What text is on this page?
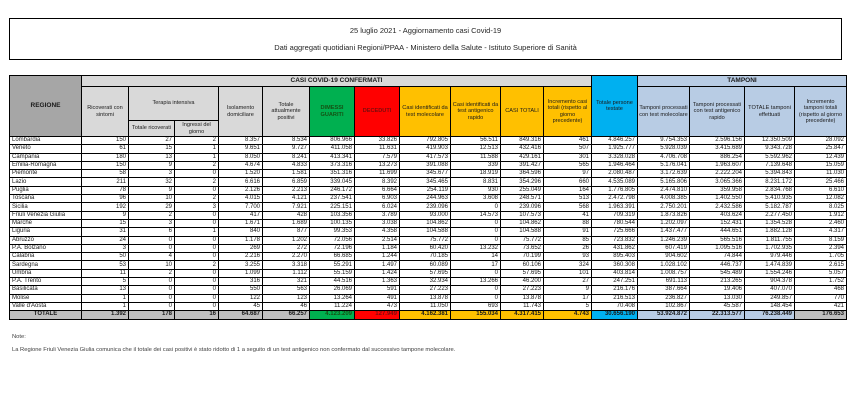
25 luglio 2021 - Aggiornamento casi Covid-19
Dati aggregati quotidiani Regioni/PPAA - Ministero della Salute - Istituto Superiore di Sanità
REGIONE	CASI COVID-19 CONFERMATI											Totale persone testate	TAMPONI			
	Ricoverati con sintomi	Terapia intensiva		Isolamento domiciliare	Totale attualmente positivi	DIMESSI GUARITI	DECEDUTI	Casi identificati da test molecolare	Casi identificati da test antigenico rapido	CASI TOTALI	Incremento casi totali (rispetto al giorno precedente)		Tamponi processati con test molecolare	Tamponi processati con test antigenico rapido	TOTALE tamponi effettuati	Incremento tamponi totali (rispetto al giorno precedente)
		Totale ricoverati	Ingressi del giorno													
Lombardia	150	27	2	8.357	8.534	806.966	33.826	792.805	56.511	849.316	461	4.846.257	9.754.353	2.596.156	12.350.509	28.092
Veneto	61	15	1	9.651	9.727	411.058	11.631	419.903	12.513	432.416	507	1.925.777	5.928.039	3.415.689	9.343.728	25.847
Campania	180	13	1	8.050	8.241	413.341	7.579	417.573	11.588	429.161	301	3.328.028	4.706.708	886.254	5.592.962	12.439
Emilia-Romagna	150	9	2	4.674	4.833	373.316	13.273	391.088	339	391.427	565	1.946.464	5.176.041	1.963.607	7.139.648	15.059
Piemonte	58	3	0	1.520	1.581	351.316	11.699	345.677	18.919	364.596	97	2.080.487	3.172.639	2.222.204	5.394.843	11.030
Lazio	211	32	2	6.616	6.859	339.045	8.392	345.465	8.831	354.296	660	4.535.089	5.165.806	3.065.366	8.231.172	25.466
Puglia	78	9	0	2.126	2.213	246.172	6.664	254.119	930	255.049	164	1.776.805	2.474.810	359.958	2.834.768	6.610
Toscana	96	10	2	4.015	4.121	237.541	6.903	244.963	3.608	248.571	513	2.472.798	4.008.385	1.402.550	5.410.935	12.082
Sicilia	192	29	3	7.700	7.921	225.151	6.024	239.096	0	239.096	568	1.963.391	2.750.201	2.432.586	5.182.787	8.025
Friuli Venezia Giulia	9	2	0	417	428	103.356	3.789	93.000	14.573	107.573	41	709.319	1.873.826	403.624	2.277.450	1.912
Marche	15	3	0	1.671	1.689	100.135	3.038	104.862	0	104.862	88	780.544	1.202.097	152.431	1.354.528	2.460
Liguria	31	6	1	840	877	99.353	4.358	104.588	0	104.588	91	725.666	1.437.477	444.651	1.882.128	4.317
Abruzzo	24	0	0	1.178	1.202	72.056	2.514	75.772	0	75.772	85	723.832	1.246.239	565.516	1.811.755	8.159
P.A. Bolzano	3	0	0	269	272	72.196	1.184	60.420	13.232	73.652	26	431.862	607.419	1.095.516	1.702.935	2.394
Calabria	50	4	0	2.216	2.270	66.685	1.244	70.185	14	70.199	93	895.403	904.602	74.844	979.446	1.705
Sardegna	53	10	2	3.255	3.318	55.291	1.497	60.089	17	60.106	324	360.308	1.028.102	446.737	1.474.839	2.615
Umbria	11	2	0	1.099	1.112	55.159	1.424	57.695	0	57.695	101	403.814	1.008.757	545.489	1.554.246	5.057
P.A. Trento	5	0	0	316	321	44.516	1.363	32.934	13.266	46.200	27	247.251	691.113	213.265	904.378	1.752
Basilicata	13	0	0	550	563	26.069	591	27.223	0	27.223	9	216.176	387.664	19.406	407.070	468
Molise	1	0	0	122	123	13.264	491	13.878	0	13.878	17	216.513	236.827	13.030	249.857	770
Valle d'Aosta	1	0	0	45	46	11.224	473	11.050	693	11.743	5	70.408	102.867	45.587	148.454	421
TOTALE	1.392	178	16	64.687	66.257	4.123.209	127.949	4.162.381	155.034	4.317.415	4.743	30.656.190	53.924.872	22.313.577	76.238.449	176.653
Note:
La Regione Friuli Venezia Giulia comunica che il totale dei casi positivi è stato ridotto di 1 a seguito di un test antigenico non confermato dal successivo tampone molecolare.
